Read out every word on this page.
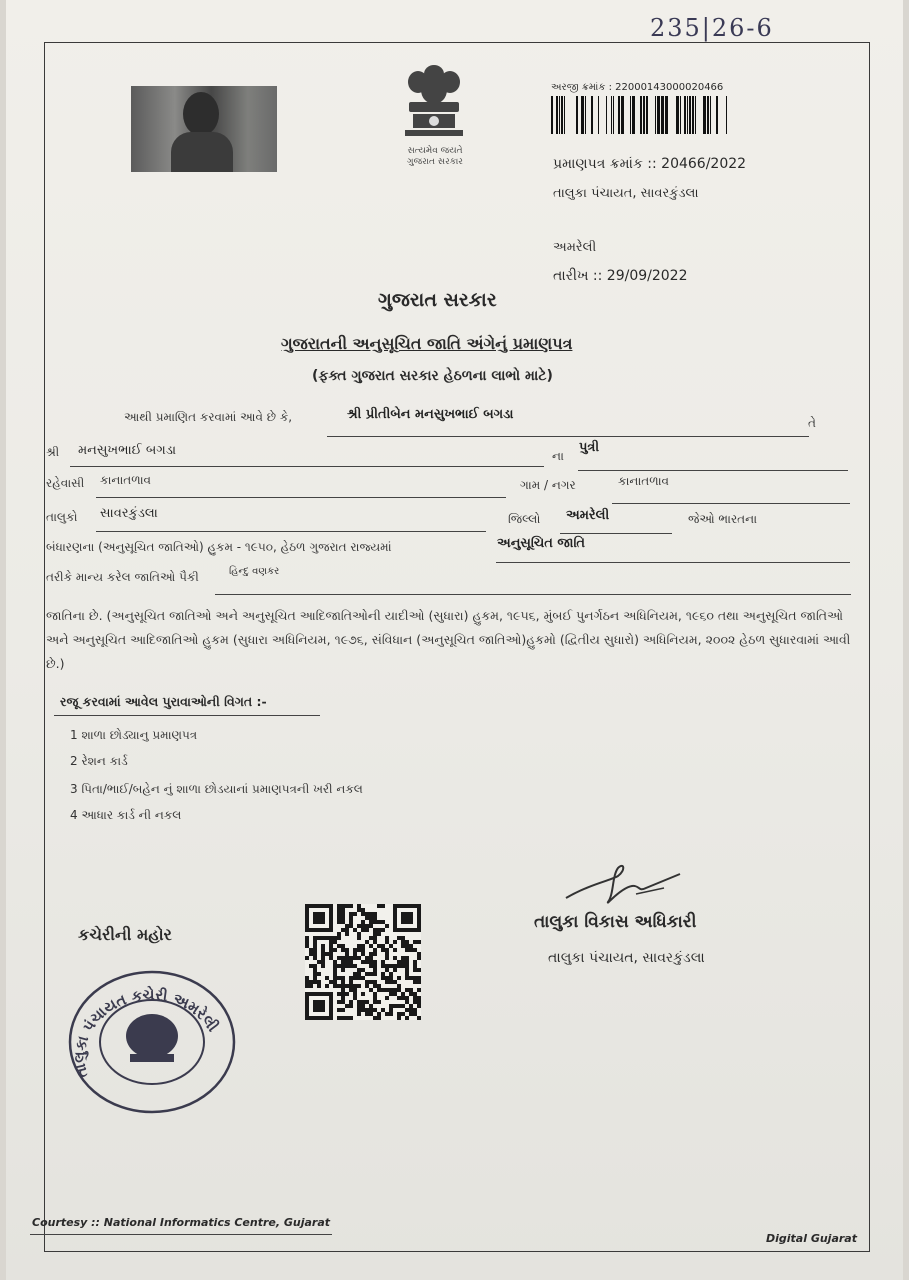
235|26-6
સત્યમેવ જયતે
ગુજરાત સરકાર
અરજી ક્રમાંક : 22000143000020466
પ્રમાણપત્ર ક્રમાંક :: 20466/2022
તાલુકા પંચાયત, સાવરકુંડલા
અમરેલી
તારીખ :: 29/09/2022
ગુજરાત સરકાર
ગુજરાતની અનુસૂચિત જાતિ અંગેનું પ્રમાણપત્ર
(ફક્ત ગુજરાત સરકાર હેઠળના લાભો માટે)
આથી પ્રમાણિત કરવામાં આવે છે કે,	શ્રી પ્રીતીબેન મનસુખભાઈ બગડા
તે
શ્રી મનસુખભાઈ બગડા	ના
પુત્રી
રહેવાસી કાનાતળાવ	ગામ / નગર	કાનાતળાવ
તાલુકો સાવરકુંડલા	જિલ્લો અમરેલી	જેઓ ભારતના
બંધારણના (અનુસૂચિત જાતિઓ) હુકમ - ૧૯૫૦, હેઠળ ગુજરાત રાજ્યમાં	અનુસૂચિત જાતિ
તરીકે માન્ય કરેલ જાતિઓ પૈકી	હિન્દુ વણકર
જાતિના છે. (અનુસૂચિત જાતિઓ અને અનુસૂચિત આદિજાતિઓની યાદીઓ (સુધારા) હુકમ, ૧૯૫૬, મુંબઈ પુનર્ગઠન અધિનિયમ, ૧૯૬૦ તથા અનુસૂચિત જાતિઓ અને અનુસૂચિત આદિજાતિઓ હુકમ (સુધારા અધિનિયમ, ૧૯૭૬, સંવિધાન (અનુસૂચિત જાતિઓ)હુકમો (દ્વિતીય સુધારો) અધિનિયમ, ૨૦૦૨ હેઠળ સુધારવામાં આવી છે.)
રજૂ કરવામાં આવેલ પુરાવાઓની વિગત :-
1 શાળા છોડ્યાનુ પ્રમાણપત્ર
2 રેશન કાર્ડ
3 પિતા/ભાઈ/બહેન નું શાળા છોડયાનાં પ્રમાણપત્રની ખરી નકલ
4 આધાર કાર્ડ ની નકલ
તાલુકા વિકાસ અધિકારી
તાલુકા પંચાયત, સાવરકુંડલા
કચેરીની મહોર
તાલુકા પંચાયત કચેરી અમરેલી
Courtesy :: National Informatics Centre, Gujarat
Digital Gujarat
